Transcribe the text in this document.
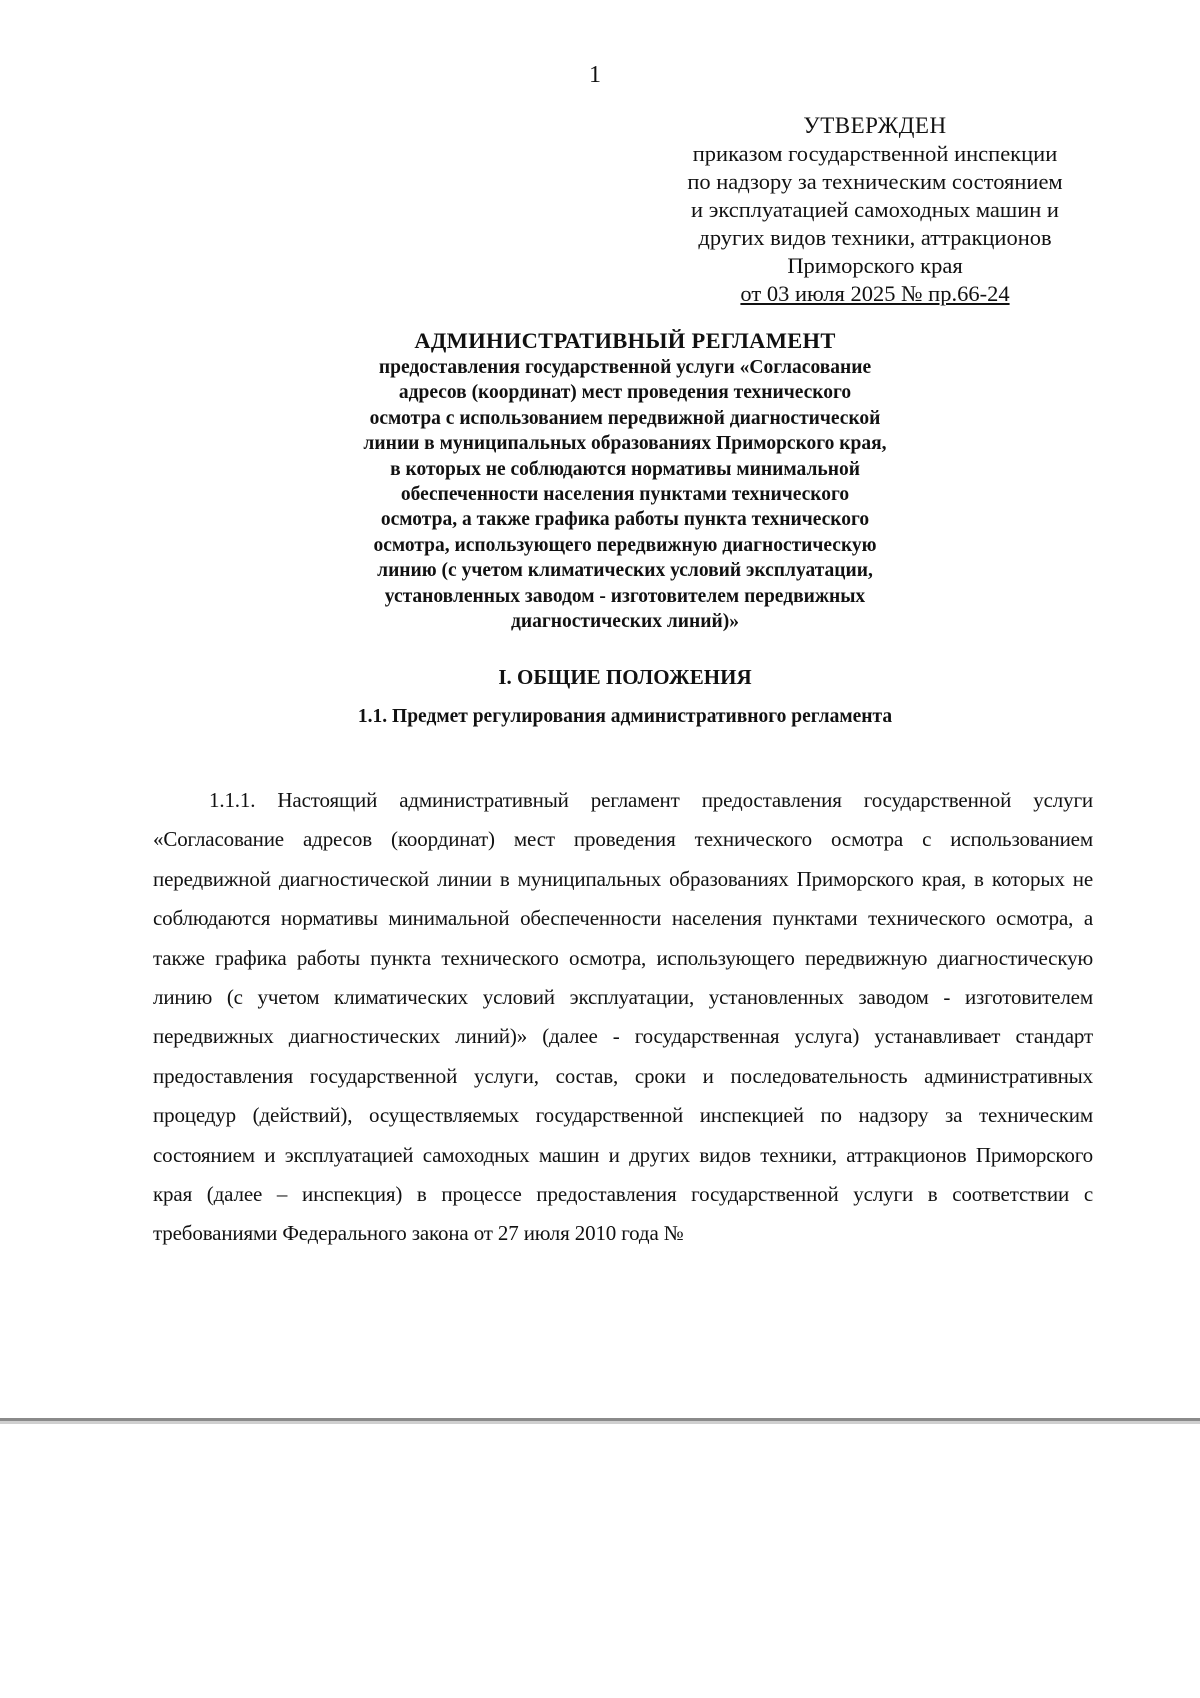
1
УТВЕРЖДЕН
приказом государственной инспекции
по надзору за техническим состоянием
и эксплуатацией самоходных машин и
других видов техники, аттракционов
Приморского края
от 03 июля 2025 № пр.66-24
АДМИНИСТРАТИВНЫЙ РЕГЛАМЕНТ
предоставления государственной услуги «Согласование
адресов (координат) мест проведения технического
осмотра с использованием передвижной диагностической
линии в муниципальных образованиях Приморского края,
в которых не соблюдаются нормативы минимальной
обеспеченности населения пунктами технического
осмотра, а также графика работы пункта технического
осмотра, использующего передвижную диагностическую
линию (с учетом климатических условий эксплуатации,
установленных заводом - изготовителем передвижных
диагностических линий)»
I. ОБЩИЕ ПОЛОЖЕНИЯ
1.1. Предмет регулирования административного регламента

1.1.1. Настоящий административный регламент предоставления государственной услуги «Согласование адресов (координат) мест проведения технического осмотра с использованием передвижной диагностической линии в муниципальных образованиях Приморского края, в которых не соблюдаются нормативы минимальной обеспеченности населения пунктами технического осмотра, а также графика работы пункта технического осмотра, использующего передвижную диагностическую линию (с учетом климатических условий эксплуатации, установленных заводом - изготовителем передвижных диагностических линий)» (далее - государственная услуга) устанавливает стандарт предоставления государственной услуги, состав, сроки и последовательность административных процедур (действий), осуществляемых государственной инспекцией по надзору за техническим состоянием и эксплуатацией самоходных машин и других видов техники, аттракционов Приморского края (далее – инспекция) в процессе предоставления государственной услуги в соответствии с требованиями Федерального закона от 27 июля 2010 года №
